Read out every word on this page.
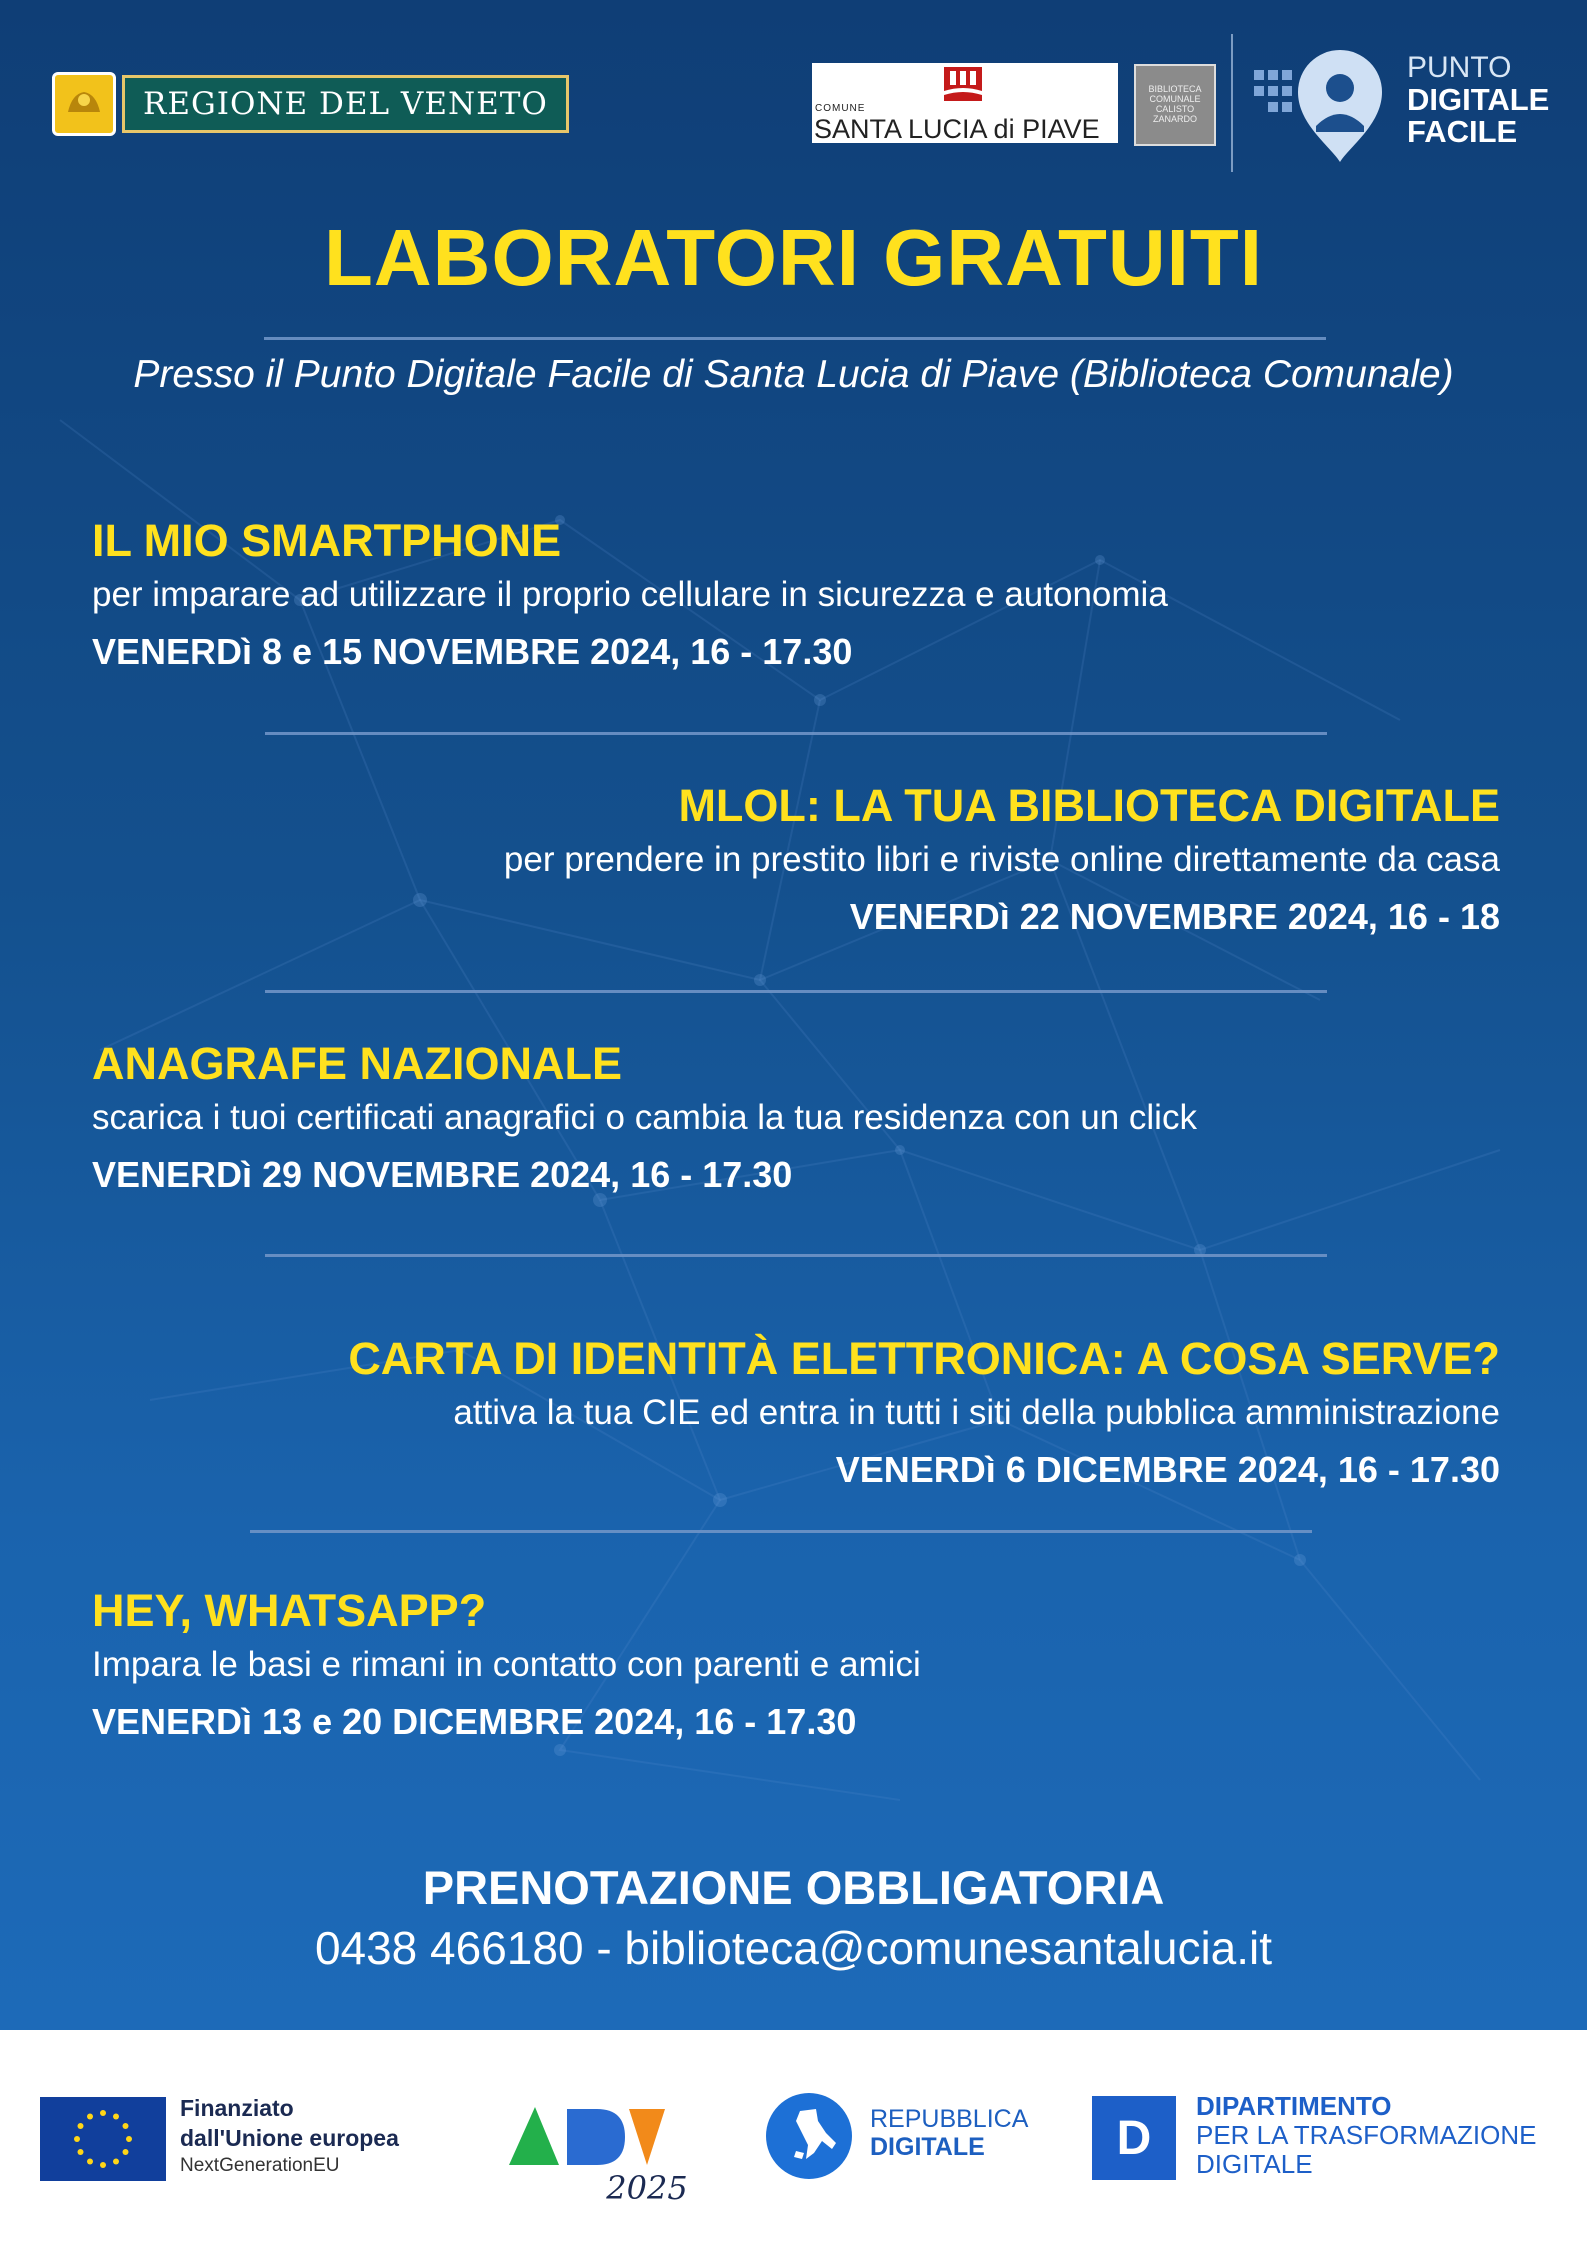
REGIONE DEL VENETO	COMUNE
SANTA LUCIA di PIAVE
BIBLIOTECA COMUNALE CALISTO ZANARDO
PUNTO
DIGITALE
FACILE
LABORATORI GRATUITI
Presso il Punto Digitale Facile di Santa Lucia di Piave (Biblioteca Comunale)
IL MIO SMARTPHONE
per imparare ad utilizzare il proprio cellulare in sicurezza e autonomia
VENERDì 8 e 15 NOVEMBRE 2024, 16 - 17.30
MLOL: LA TUA BIBLIOTECA DIGITALE
per prendere in prestito libri e riviste online direttamente da casa
VENERDì 22 NOVEMBRE 2024, 16 - 18
ANAGRAFE NAZIONALE
scarica i tuoi certificati anagrafici o cambia la tua residenza con un click
VENERDì 29 NOVEMBRE 2024, 16 - 17.30
CARTA DI IDENTITÀ ELETTRONICA: A COSA SERVE?
attiva la tua CIE ed entra in tutti i siti della pubblica amministrazione
VENERDì 6 DICEMBRE 2024, 16 - 17.30
HEY, WHATSAPP?
Impara le basi e rimani in contatto con parenti e amici
VENERDì 13 e 20 DICEMBRE 2024, 16 - 17.30
PRENOTAZIONE OBBLIGATORIA
0438 466180 - biblioteca@comunesantalucia.it
Finanziato
dall'Unione europea
NextGenerationEU
2025
REPUBBLICA
DIGITALE	D
DIPARTIMENTO
PER LA TRASFORMAZIONE
DIGITALE
